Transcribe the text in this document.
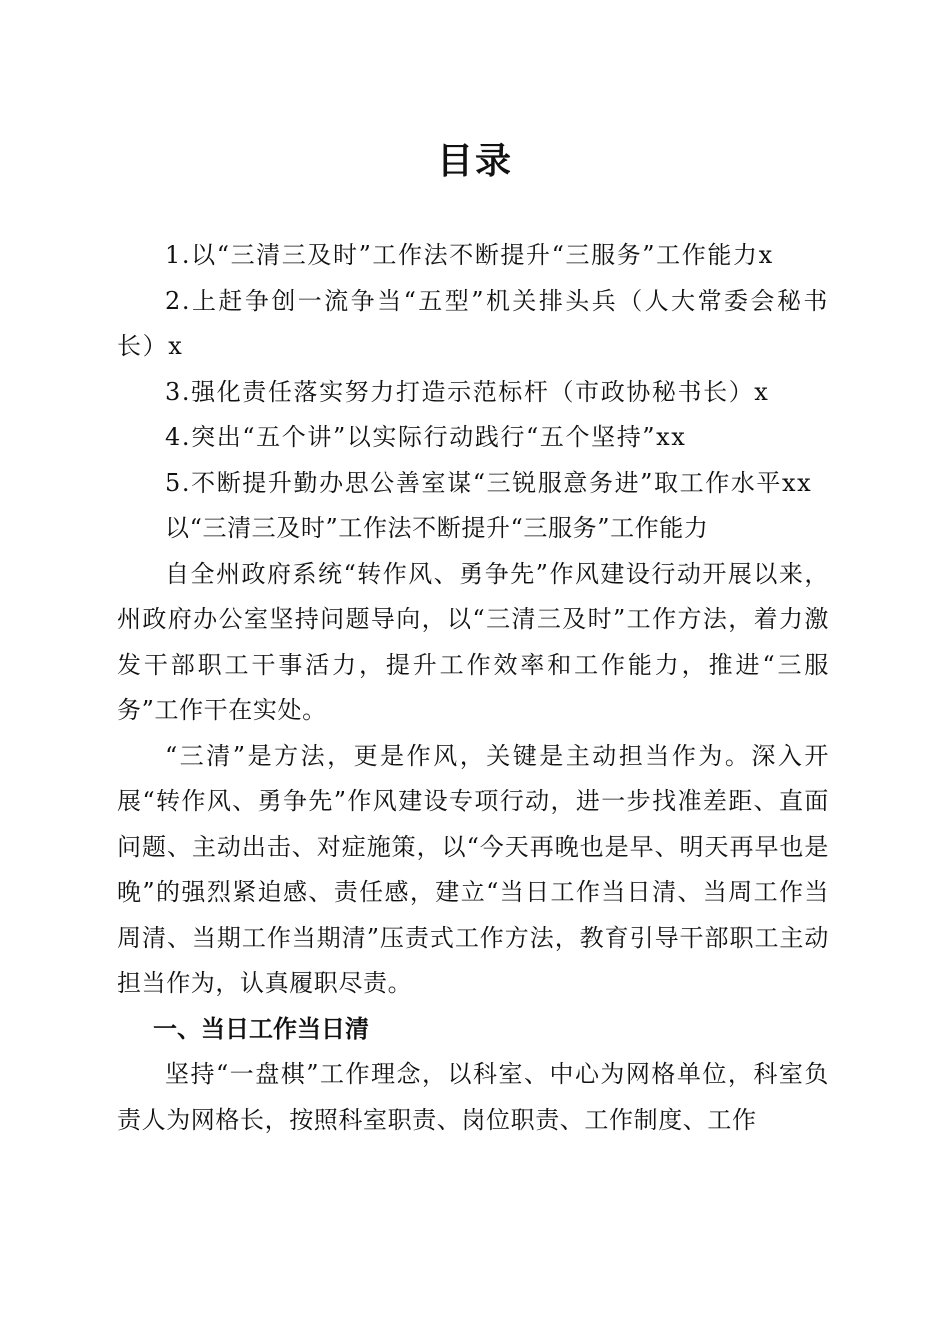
目录

1.以“三清三及时”工作法不断提升“三服务”工作能力x

2.上赶争创一流争当“五型”机关排头兵（人大常委会秘书长）x

3.强化责任落实努力打造示范标杆（市政协秘书长）x

4.突出“五个讲”以实际行动践行“五个坚持”xx

5.不断提升勤办思公善室谋“三锐服意务进”取工作水平xx

以“三清三及时”工作法不断提升“三服务”工作能力

自全州政府系统“转作风、勇争先”作风建设行动开展以来，州政府办公室坚持问题导向，以“三清三及时”工作方法，着力激发干部职工干事活力，提升工作效率和工作能力，推进“三服务”工作干在实处。

“三清”是方法，更是作风，关键是主动担当作为。深入开展“转作风、勇争先”作风建设专项行动，进一步找准差距、直面问题、主动出击、对症施策，以“今天再晚也是早、明天再早也是晚”的强烈紧迫感、责任感，建立“当日工作当日清、当周工作当周清、当期工作当期清”压责式工作方法，教育引导干部职工主动担当作为，认真履职尽责。

一、当日工作当日清

坚持“一盘棋”工作理念，以科室、中心为网格单位，科室负责人为网格长，按照科室职责、岗位职责、工作制度、工作
